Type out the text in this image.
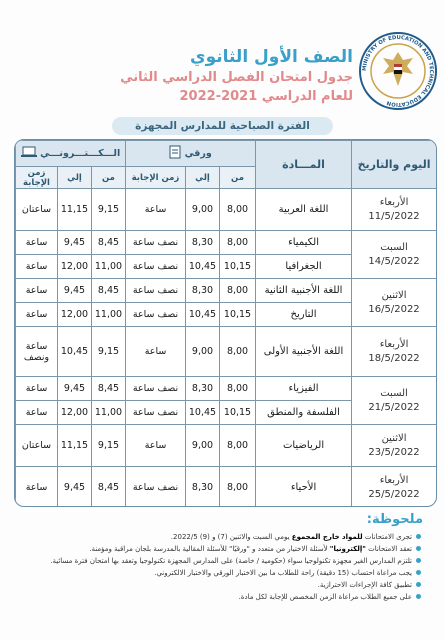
الصف الأول الثانوي
جدول امتحان الفصل الدراسي الثاني
للعام الدراسي 2021-2022
MINISTRY OF EDUCATION AND TECHNICAL EDUCATION
الفترة الصباحية للمدارس المجهزة
الـــكـــتـــرونـــي			ورقي			المـــادة	اليوم والتاريخ
زمن الإجابة	إلي	من	زمن الإجابة	إلي	من		
ساعتان	11,15	9,15	ساعة	9,00	8,00	اللغة العربية	الأربعاء
11/5/2022

ساعة	9,45	8,45	نصف ساعة	8,30	8,00	الكيمياء	السبت
14/5/2022

ساعة	12,00	11,00	نصف ساعة	10,45	10,15	الجغرافيا	
ساعة	9,45	8,45	نصف ساعة	8,30	8,00	اللغة الأجنبية الثانية	الاثنين
16/5/2022

ساعة	12,00	11,00	نصف ساعة	10,45	10,15	التاريخ	
ساعة ونصف	10,45	9,15	ساعة	9,00	8,00	اللغة الأجنبية الأولى	الأربعاء
18/5/2022

ساعة	9,45	8,45	نصف ساعة	8,30	8,00	الفيزياء	السبت
21/5/2022

ساعة	12,00	11,00	نصف ساعة	10,45	10,15	الفلسفة والمنطق	
ساعتان	11,15	9,15	ساعة	9,00	8,00	الرياضيات	الاثنين
23/5/2022

ساعة	9,45	8,45	نصف ساعة	8,30	8,00	الأحياء	الأربعاء
25/5/2022
ملحوظة:
تجرى الامتحانات للمواد خارج المجموع يومي السبت والاثنين (7) و (9) 2022/5.
تعقد الامتحانات "إلكترونيا" لأسئلة الاختيار من متعدد و "ورقيًا" للأسئلة المقالية بالمدرسة بلجان مراقبة ومؤمنة.
تلتزم المدارس الغير مجهزة تكنولوجيا سواء (حكومية / خاصة) على المدارس المجهزة تكنولوجيا وتعقد بها امتحان فترة مسائية.
يجب مراعاة احتساب (15 دقيقة) راحة للطلاب ما بين الاختبار الورقي والاختبار الالكتروني.
تطبيق كافة الإجراءات الاحترازية.
على جميع الطلاب مراعاة الزمن المخصص للإجابة لكل مادة.
